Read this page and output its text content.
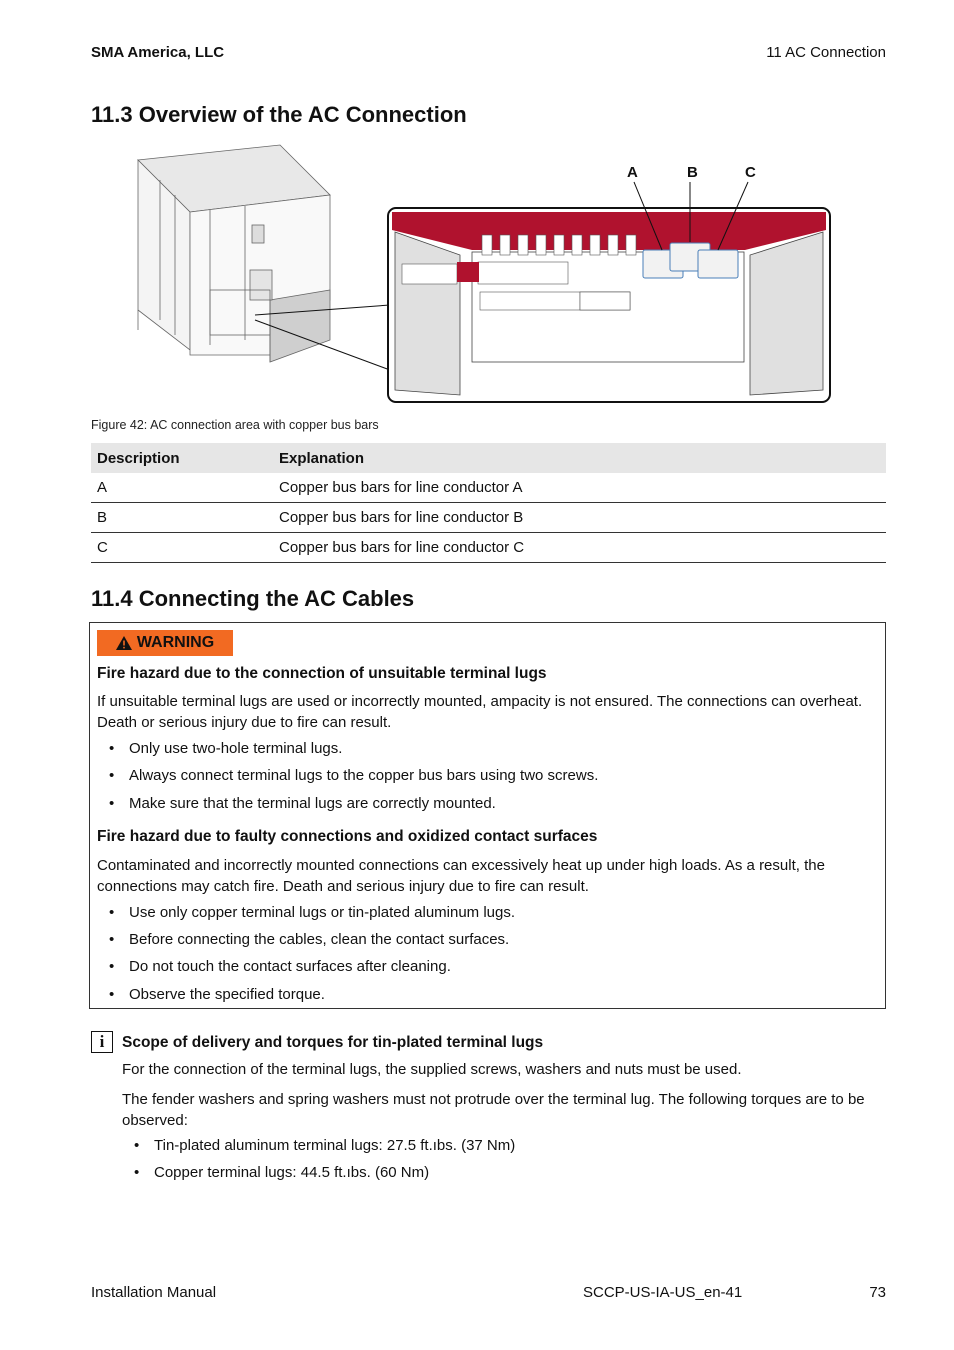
SMA America, LLC	11 AC Connection
11.3 Overview of the AC Connection
A	B	C
Figure 42: AC connection area with copper bus bars
Description	Explanation
A	Copper bus bars for line conductor A
B	Copper bus bars for line conductor B
C	Copper bus bars for line conductor C
11.4 Connecting the AC Cables
WARNING
Fire hazard due to the connection of unsuitable terminal lugs
If unsuitable terminal lugs are used or incorrectly mounted, ampacity is not ensured. The connections can overheat. Death or serious injury due to fire can result.
• Only use two-hole terminal lugs.
• Always connect terminal lugs to the copper bus bars using two screws.
• Make sure that the terminal lugs are correctly mounted.
Fire hazard due to faulty connections and oxidized contact surfaces
Contaminated and incorrectly mounted connections can excessively heat up under high loads. As a result, the connections may catch fire. Death and serious injury due to fire can result.
• Use only copper terminal lugs or tin-plated aluminum lugs.
• Before connecting the cables, clean the contact surfaces.
• Do not touch the contact surfaces after cleaning.
• Observe the specified torque.
i	Scope of delivery and torques for tin-plated terminal lugs
For the connection of the terminal lugs, the supplied screws, washers and nuts must be used.
The fender washers and spring washers must not protrude over the terminal lug. The following torques are to be observed:
• Tin-plated aluminum terminal lugs: 27.5 ft.ıbs. (37 Nm)
• Copper terminal lugs: 44.5 ft.ıbs. (60 Nm)
Installation Manual	SCCP-US-IA-US_en-41	73
